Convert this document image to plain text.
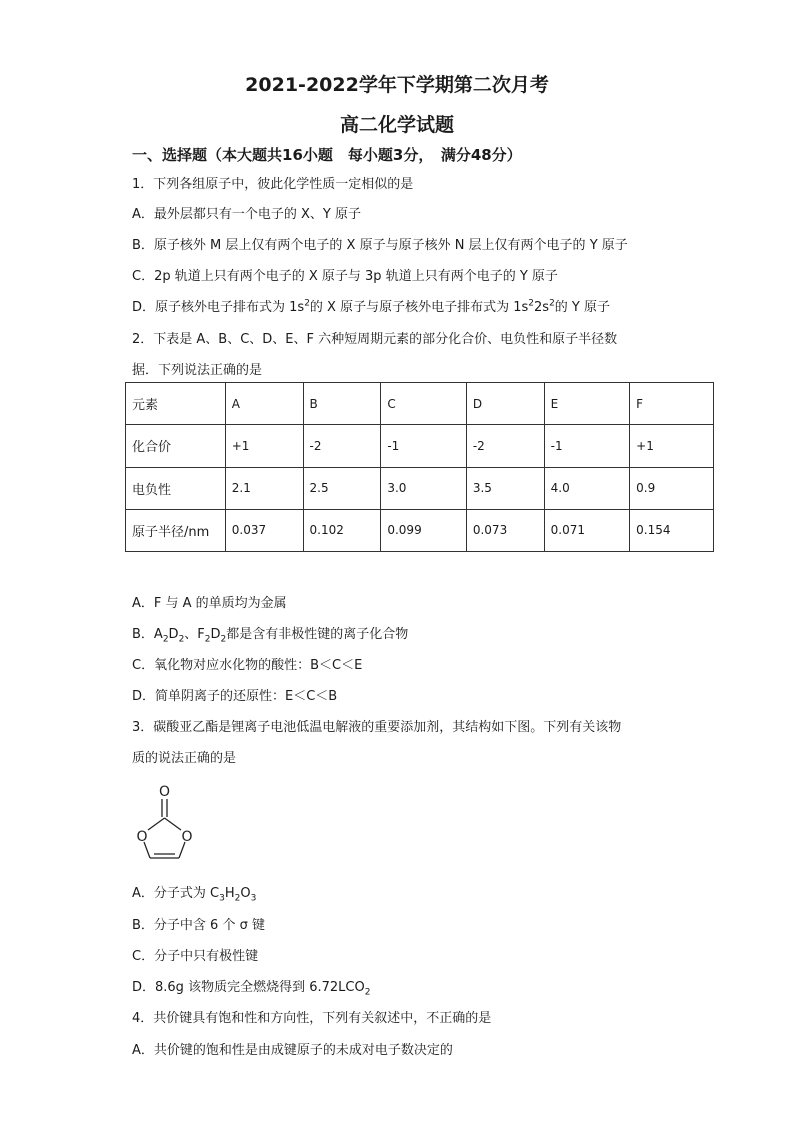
2021-2022学年下学期第二次月考
高二化学试题
一、选择题（本大题共16小题　每小题3分，　满分48分）
1．下列各组原子中，彼此化学性质一定相似的是
A．最外层都只有一个电子的 X、Y 原子
B．原子核外 M 层上仅有两个电子的 X 原子与原子核外 N 层上仅有两个电子的 Y 原子
C．2p 轨道上只有两个电子的 X 原子与 3p 轨道上只有两个电子的 Y 原子
D．原子核外电子排布式为 $1s^2$的 X 原子与原子核外电子排布式为 $1s^22s^2$的 Y 原子
2．下表是 A、B、C、D、E、F 六种短周期元素的部分化合价、电负性和原子半径数
据．下列说法正确的是
元素	A	B	C	D	E	F
化合价	+1	-2	-1	-2	-1	+1
电负性	2.1	2.5	3.0	3.5	4.0	0.9
原子半径/nm	0.037	0.102	0.099	0.073	0.071	0.154
A．F 与 A 的单质均为金属
B．$A_2D_2$、$F_2D_2$都是含有非极性键的离子化合物
C．氧化物对应水化物的酸性：B＜C＜E
D．简单阴离子的还原性：E＜C＜B
3．碳酸亚乙酯是锂离子电池低温电解液的重要添加剂，其结构如下图。下列有关该物
质的说法正确的是
O
O O
A．分子式为 $C_3H_2O_3$
B．分子中含 6 个 σ 键
C．分子中只有极性键
D．8.6g 该物质完全燃烧得到 $6.72LCO_2$
4．共价键具有饱和性和方向性，下列有关叙述中，不正确的是
A．共价键的饱和性是由成键原子的未成对电子数决定的
